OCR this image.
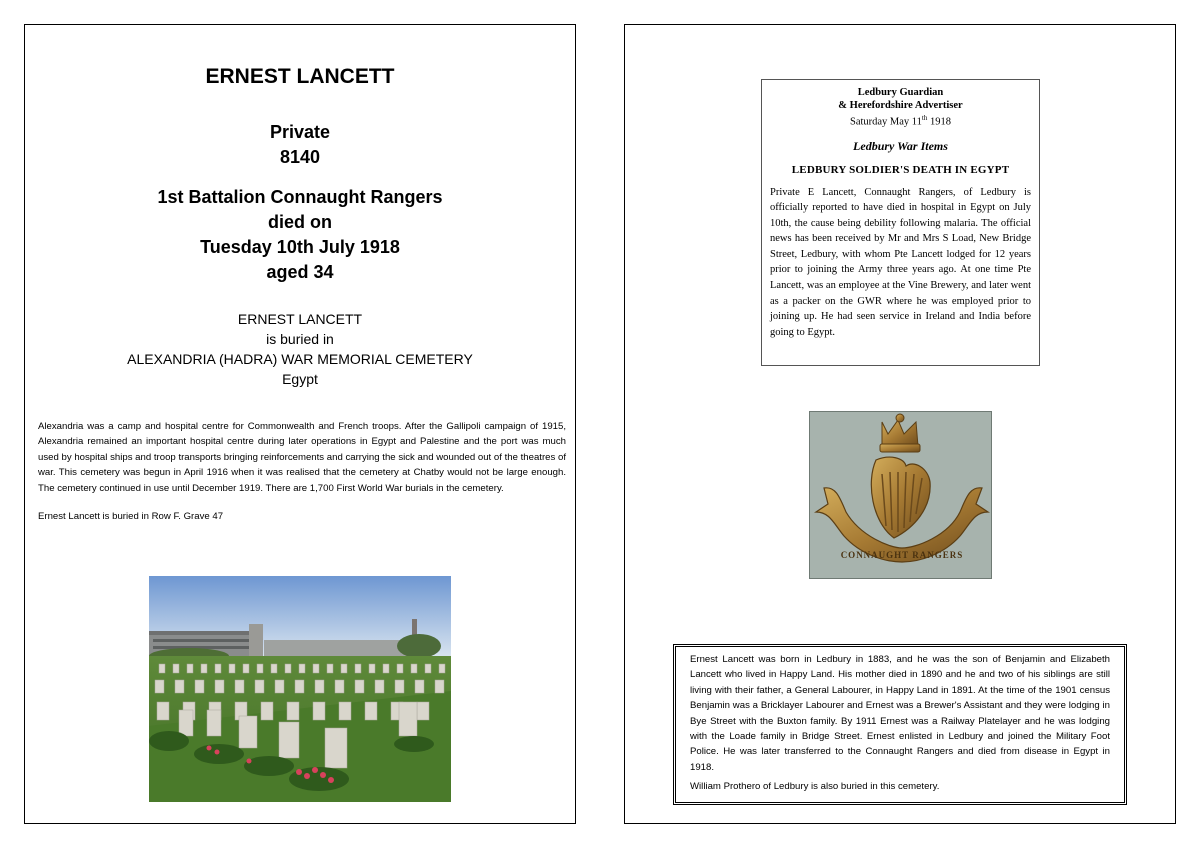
ERNEST LANCETT
Private
8140
1st Battalion Connaught Rangers
died on
Tuesday 10th July 1918
aged 34
ERNEST LANCETT
is buried in
ALEXANDRIA (HADRA) WAR MEMORIAL CEMETERY
Egypt
Alexandria was a camp and hospital centre for Commonwealth and French troops. After the Gallipoli campaign of 1915, Alexandria remained an important hospital centre during later operations in Egypt and Palestine and the port was much used by hospital ships and troop transports bringing reinforcements and carrying the sick and wounded out of the theatres of war. This cemetery was begun in April 1916 when it was realised that the cemetery at Chatby would not be large enough. The cemetery continued in use until December 1919. There are 1,700 First World War burials in the cemetery.
Ernest Lancett is buried in Row F. Grave 47
Ledbury Guardian
& Herefordshire Advertiser
Saturday May 11th 1918
Ledbury War Items
LEDBURY SOLDIER'S DEATH IN EGYPT
Private E Lancett, Connaught Rangers, of Ledbury is officially reported to have died in hospital in Egypt on July 10th, the cause being debility following malaria. The official news has been received by Mr and Mrs S Load, New Bridge Street, Ledbury, with whom Pte Lancett lodged for 12 years prior to joining the Army three years ago. At one time Pte Lancett, was an employee at the Vine Brewery, and later went as a packer on the GWR where he was employed prior to joining up. He had seen service in Ireland and India before going to Egypt.
CONNAUGHT RANGERS
Ernest Lancett was born in Ledbury in 1883, and he was the son of Benjamin and Elizabeth Lancett who lived in Happy Land. His mother died in 1890 and he and two of his siblings are still living with their father, a General Labourer, in Happy Land in 1891. At the time of the 1901 census Benjamin was a Bricklayer Labourer and Ernest was a Brewer's Assistant and they were lodging in Bye Street with the Buxton family. By 1911 Ernest was a Railway Platelayer and he was lodging with the Loade family in Bridge Street. Ernest enlisted in Ledbury and joined the Military Foot Police. He was later transferred to the Connaught Rangers and died from disease in Egypt in 1918.
William Prothero of Ledbury is also buried in this cemetery.
